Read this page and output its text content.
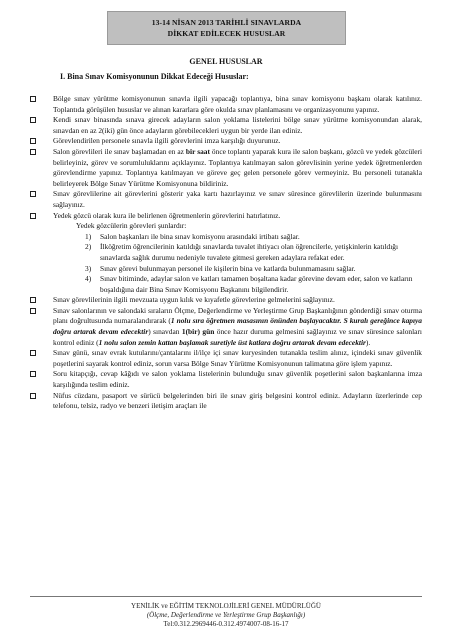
13-14 NİSAN 2013 TARİHLİ SINAVLARDA
DİKKAT EDİLECEK HUSUSLAR
GENEL HUSUSLAR
I. Bina Sınav Komisyonunun Dikkat Edeceği Hususlar:
Bölge sınav yürütme komisyonunun sınavla ilgili yapacağı toplantıya, bina sınav komisyonu başkanı olarak katılınız. Toplantıda görüşülen hususlar ve alınan kararlara göre okulda sınav planlamasını ve organizasyonunu yapınız.
Kendi sınav binasında sınava girecek adayların salon yoklama listelerini bölge sınav yürütme komisyonundan alarak, sınavdan en az 2(iki) gün önce adayların görebilecekleri uygun bir yerde ilan ediniz.
Görevlendirilen personele sınavla ilgili görevlerini imza karşılığı duyurunuz.
Salon görevlileri ile sınav başlamadan en az bir saat önce toplantı yaparak kura ile salon başkanı, gözcü ve yedek gözcüleri belirleyiniz, görev ve sorumluluklarını açıklayınız. Toplantıya katılmayan salon görevlisinin yerine yedek öğretmenlerden görevlendirme yapınız. Toplantıya katılmayan ve göreve geç gelen personele görev vermeyiniz. Bu personeli tutanakla belirleyerek Bölge Sınav Yürütme Komisyonuna bildiriniz.
Sınav görevlilerine ait görevlerini gösterir yaka kartı hazırlayınız ve sınav süresince görevlilerin üzerinde bulunmasını sağlayınız.
Yedek gözcü olarak kura ile belirlenen öğretmenlerin görevlerini hatırlatınız.
Yedek gözcülerin görevleri şunlardır:
1) Salon başkanları ile bina sınav komisyonu arasındaki irtibatı sağlar.
2) İlköğretim öğrencilerinin katıldığı sınavlarda tuvalet ihtiyacı olan öğrencilerle, yetişkinlerin katıldığı sınavlarda sağlık durumu nedeniyle tuvalete gitmesi gereken adaylara refakat eder.
3) Sınav görevi bulunmayan personel ile kişilerin bina ve katlarda bulunmamasını sağlar.
4) Sınav bitiminde, adaylar salon ve katları tamamen boşaltana kadar görevine devam eder, salon ve katların boşaldığına dair Bina Sınav Komisyonu Başkanını bilgilendirir.
Sınav görevlilerinin ilgili mevzuata uygun kılık ve kıyafetle görevlerine gelmelerini sağlayınız.
Sınav salonlarının ve salondaki sıraların Ölçme, Değerlendirme ve Yerleştirme Grup Başkanlığının gönderdiği sınav oturma planı doğrultusunda numaralandırarak (1 nolu sıra öğretmen masasının önünden başlayacaktır. S kuralı gereğince kapıya doğru artarak devam edecektir) sınavdan 1(bir) gün önce hazır duruma gelmesini sağlayınız ve sınav süresince salonları kontrol ediniz (1 nolu salon zemin kattan başlamak suretiyle üst katlara doğru artarak devam edecektir).
Sınav günü, sınav evrak kutularını/çantalarını il/ilçe içi sınav kuryesinden tutanakla teslim alınız, içindeki sınav güvenlik poşetlerini sayarak kontrol ediniz, sorun varsa Bölge Sınav Yürütme Komisyonunun talimatına göre işlem yapınız.
Soru kitapçığı, cevap kâğıdı ve salon yoklama listelerinin bulunduğu sınav güvenlik poşetlerini salon başkanlarına imza karşılığında teslim ediniz.
Nüfus cüzdanı, pasaport ve sürücü belgelerinden biri ile sınav giriş belgesini kontrol ediniz. Adayların üzerlerinde cep telefonu, telsiz, radyo ve benzeri iletişim araçları ile
YENİLİK ve EĞİTİM TEKNOLOJİLERİ GENEL MÜDÜRLÜĞÜ
(Ölçme, Değerlendirme ve Yerleştirme Grup Başkanlığı)
Tel:0.312.2969446-0.312.4974007-08-16-17
